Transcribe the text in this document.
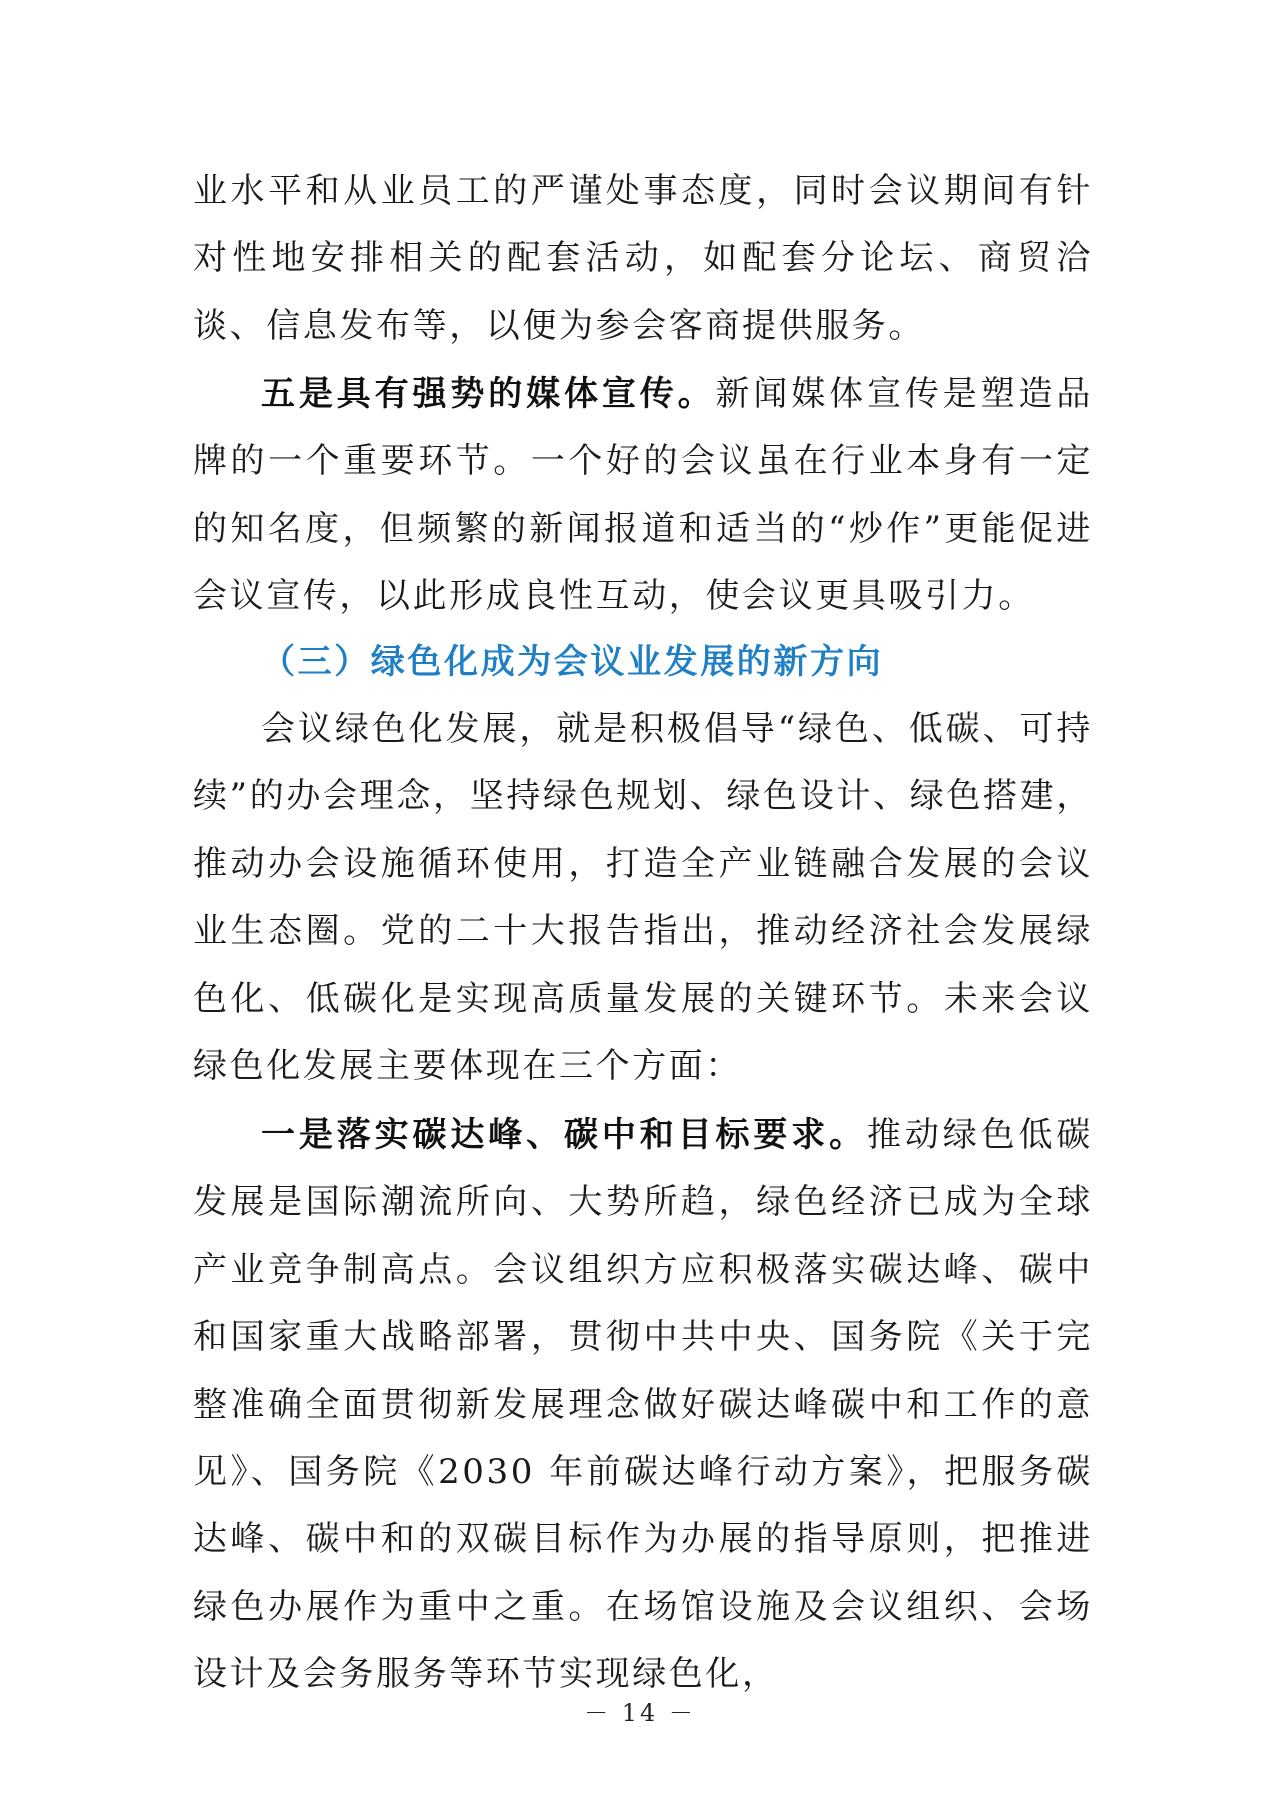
业水平和从业员工的严谨处事态度，同时会议期间有针对性地安排相关的配套活动，如配套分论坛、商贸洽谈、信息发布等，以便为参会客商提供服务。

五是具有强势的媒体宣传。新闻媒体宣传是塑造品牌的一个重要环节。一个好的会议虽在行业本身有一定的知名度，但频繁的新闻报道和适当的“炒作”更能促进会议宣传，以此形成良性互动，使会议更具吸引力。

（三）绿色化成为会议业发展的新方向

会议绿色化发展，就是积极倡导“绿色、低碳、可持续”的办会理念，坚持绿色规划、绿色设计、绿色搭建，推动办会设施循环使用，打造全产业链融合发展的会议业生态圈。党的二十大报告指出，推动经济社会发展绿色化、低碳化是实现高质量发展的关键环节。未来会议绿色化发展主要体现在三个方面：

一是落实碳达峰、碳中和目标要求。推动绿色低碳发展是国际潮流所向、大势所趋，绿色经济已成为全球产业竞争制高点。会议组织方应积极落实碳达峰、碳中和国家重大战略部署，贯彻中共中央、国务院《关于完整准确全面贯彻新发展理念做好碳达峰碳中和工作的意见》、国务院《2030 年前碳达峰行动方案》，把服务碳达峰、碳中和的双碳目标作为办展的指导原则，把推进绿色办展作为重中之重。在场馆设施及会议组织、会场设计及会务服务等环节实现绿色化，

－ 14 －
